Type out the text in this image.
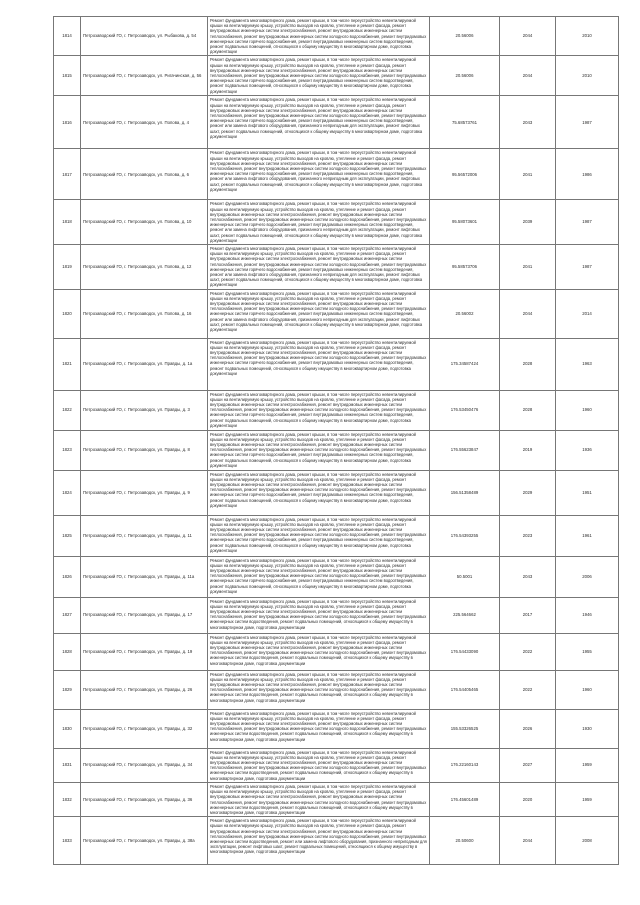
1814	Петрозаводский ГО, г. Петрозаводск, ул. Рыбакова, д. 54	Ремонт фундамента многоквартирного дома, ремонт крыши, в том числе переустройство невентилируемой крыши на вентилируемую крышу, устройство выходов на кровлю, утепление и ремонт фасада, ремонт внутридомовых инженерных систем электроснабжения, ремонт внутридомовых инженерных систем теплоснабжения, ремонт внутридомовых инженерных систем холодного водоснабжения, ремонт внутридомовых инженерных систем горячего водоснабжения, ремонт внутридомовых инженерных систем водоотведения, ремонт подвальных помещений, относящихся к общему имуществу в многоквартирном доме, подготовка документации	20.56006	2044	2010
1815	Петрозаводский ГО, г. Петрозаводск, ул. Ригачинская, д. 56	Ремонт фундамента многоквартирного дома, ремонт крыши, в том числе переустройство невентилируемой крыши на вентилируемую крышу, устройство выходов на кровлю, утепление и ремонт фасада, ремонт внутридомовых инженерных систем электроснабжения, ремонт внутридомовых инженерных систем теплоснабжения, ремонт внутридомовых инженерных систем холодного водоснабжения, ремонт внутридомовых инженерных систем горячего водоснабжения, ремонт внутридомовых инженерных систем водоотведения, ремонт подвальных помещений, относящихся к общему имуществу в многоквартирном доме, подготовка документации	20.56006	2044	2010
1816	Петрозаводский ГО, г. Петрозаводск, ул. Попова, д. 4	Ремонт фундамента многоквартирного дома, ремонт крыши, в том числе переустройство невентилируемой крыши на вентилируемую крышу, устройство выходов на кровлю, утепление и ремонт фасада, ремонт внутридомовых инженерных систем электроснабжения, ремонт внутридомовых инженерных систем теплоснабжения, ремонт внутридомовых инженерных систем холодного водоснабжения, ремонт внутридомовых инженерных систем горячего водоснабжения, ремонт внутридомовых инженерных систем водоотведения, ремонт или замена лифтового оборудования, признанного непригодным для эксплуатации, ремонт лифтовых шахт, ремонт подвальных помещений, относящихся к общему имуществу в многоквартирном доме, подготовка документации	75.68573761	2043	1987
1817	Петрозаводский ГО, г. Петрозаводск, ул. Попова, д. 6	Ремонт фундамента многоквартирного дома, ремонт крыши, в том числе переустройство невентилируемой крыши на вентилируемую крышу, устройство выходов на кровлю, утепление и ремонт фасада, ремонт внутридомовых инженерных систем электроснабжения, ремонт внутридомовых инженерных систем теплоснабжения, ремонт внутридомовых инженерных систем холодного водоснабжения, ремонт внутридомовых инженерных систем горячего водоснабжения, ремонт внутридомовых инженерных систем водоотведения, ремонт или замена лифтового оборудования, признанного непригодным для эксплуатации, ремонт лифтовых шахт, ремонт подвальных помещений, относящихся к общему имуществу в многоквартирном доме, подготовка документации	95.56572006	2041	1986
1818	Петрозаводский ГО, г. Петрозаводск, ул. Попова, д. 10	Ремонт фундамента многоквартирного дома, ремонт крыши, в том числе переустройство невентилируемой крыши на вентилируемую крышу, устройство выходов на кровлю, утепление и ремонт фасада, ремонт внутридомовых инженерных систем электроснабжения, ремонт внутридомовых инженерных систем теплоснабжения, ремонт внутридомовых инженерных систем холодного водоснабжения, ремонт внутридомовых инженерных систем горячего водоснабжения, ремонт внутридомовых инженерных систем водоотведения, ремонт или замена лифтового оборудования, признанного непригодным для эксплуатации, ремонт лифтовых шахт, ремонт подвальных помещений, относящихся к общему имуществу в многоквартирном доме, подготовка документации	95.58073601	2039	1987
1819	Петрозаводский ГО, г. Петрозаводск, ул. Попова, д. 12	Ремонт фундамента многоквартирного дома, ремонт крыши, в том числе переустройство невентилируемой крыши на вентилируемую крышу, устройство выходов на кровлю, утепление и ремонт фасада, ремонт внутридомовых инженерных систем электроснабжения, ремонт внутридомовых инженерных систем теплоснабжения, ремонт внутридомовых инженерных систем холодного водоснабжения, ремонт внутридомовых инженерных систем горячего водоснабжения, ремонт внутридомовых инженерных систем водоотведения, ремонт или замена лифтового оборудования, признанного непригодным для эксплуатации, ремонт лифтовых шахт, ремонт подвальных помещений, относящихся к общему имуществу в многоквартирном доме, подготовка документации	95.58573706	2041	1987
1820	Петрозаводский ГО, г. Петрозаводск, ул. Попова, д. 16	Ремонт фундамента многоквартирного дома, ремонт крыши, в том числе переустройство невентилируемой крыши на вентилируемую крышу, устройство выходов на кровлю, утепление и ремонт фасада, ремонт внутридомовых инженерных систем электроснабжения, ремонт внутридомовых инженерных систем теплоснабжения, ремонт внутридомовых инженерных систем холодного водоснабжения, ремонт внутридомовых инженерных систем горячего водоснабжения, ремонт внутридомовых инженерных систем водоотведения, ремонт или замена лифтового оборудования, признанного непригодным для эксплуатации, ремонт лифтовых шахт, ремонт подвальных помещений, относящихся к общему имуществу в многоквартирном доме, подготовка документации	20.56002	2044	2014
1821	Петрозаводский ГО, г. Петрозаводск, ул. Правды, д. 1а	Ремонт фундамента многоквартирного дома, ремонт крыши, в том числе переустройство невентилируемой крыши на вентилируемую крышу, устройство выходов на кровлю, утепление и ремонт фасада, ремонт внутридомовых инженерных систем электроснабжения, ремонт внутридомовых инженерных систем теплоснабжения, ремонт внутридомовых инженерных систем холодного водоснабжения, ремонт внутридомовых инженерных систем горячего водоснабжения, ремонт внутридомовых инженерных систем водоотведения, ремонт подвальных помещений, относящихся к общему имуществу в многоквартирном доме, подготовка документации	175.34587424	2028	1963
1822	Петрозаводский ГО, г. Петрозаводск, ул. Правды, д. 3	Ремонт фундамента многоквартирного дома, ремонт крыши, в том числе переустройство невентилируемой крыши на вентилируемую крышу, устройство выходов на кровлю, утепление и ремонт фасада, ремонт внутридомовых инженерных систем электроснабжения, ремонт внутридомовых инженерных систем теплоснабжения, ремонт внутридомовых инженерных систем холодного водоснабжения, ремонт внутридомовых инженерных систем горячего водоснабжения, ремонт внутридомовых инженерных систем водоотведения, ремонт подвальных помещений, относящихся к общему имуществу в многоквартирном доме, подготовка документации	176.53450476	2028	1960
1823	Петрозаводский ГО, г. Петрозаводск, ул. Правды, д. 8	Ремонт фундамента многоквартирного дома, ремонт крыши, в том числе переустройство невентилируемой крыши на вентилируемую крышу, устройство выходов на кровлю, утепление и ремонт фасада, ремонт внутридомовых инженерных систем электроснабжения, ремонт внутридомовых инженерных систем теплоснабжения, ремонт внутридомовых инженерных систем холодного водоснабжения, ремонт внутридомовых инженерных систем горячего водоснабжения, ремонт внутридомовых инженерных систем водоотведения, ремонт подвальных помещений, относящихся к общему имуществу в многоквартирном доме, подготовка документации	176.55623847	2019	1936
1824	Петрозаводский ГО, г. Петрозаводск, ул. Правды, д. 9	Ремонт фундамента многоквартирного дома, ремонт крыши, в том числе переустройство невентилируемой крыши на вентилируемую крышу, устройство выходов на кровлю, утепление и ремонт фасада, ремонт внутридомовых инженерных систем электроснабжения, ремонт внутридомовых инженерных систем теплоснабжения, ремонт внутридомовых инженерных систем холодного водоснабжения, ремонт внутридомовых инженерных систем горячего водоснабжения, ремонт внутридомовых инженерных систем водоотведения, ремонт подвальных помещений, относящихся к общему имуществу в многоквартирном доме, подготовка документации	156.51358489	2029	1951
1825	Петрозаводский ГО, г. Петрозаводск, ул. Правды, д. 11	Ремонт фундамента многоквартирного дома, ремонт крыши, в том числе переустройство невентилируемой крыши на вентилируемую крышу, устройство выходов на кровлю, утепление и ремонт фасада, ремонт внутридомовых инженерных систем электроснабжения, ремонт внутридомовых инженерных систем теплоснабжения, ремонт внутридомовых инженерных систем холодного водоснабжения, ремонт внутридомовых инженерных систем горячего водоснабжения, ремонт внутридомовых инженерных систем водоотведения, ремонт подвальных помещений, относящихся к общему имуществу в многоквартирном доме, подготовка документации	176.54393255	2023	1961
1826	Петрозаводский ГО, г. Петрозаводск, ул. Правды, д. 11а	Ремонт фундамента многоквартирного дома, ремонт крыши, в том числе переустройство невентилируемой крыши на вентилируемую крышу, устройство выходов на кровлю, утепление и ремонт фасада, ремонт внутридомовых инженерных систем электроснабжения, ремонт внутридомовых инженерных систем теплоснабжения, ремонт внутридомовых инженерных систем холодного водоснабжения, ремонт внутридомовых инженерных систем горячего водоснабжения, ремонт внутридомовых инженерных систем водоотведения, ремонт подвальных помещений, относящихся к общему имуществу в многоквартирном доме, подготовка документации	50.5001	2043	2006
1827	Петрозаводский ГО, г. Петрозаводск, ул. Правды, д. 17	Ремонт фундамента многоквартирного дома, ремонт крыши, в том числе переустройство невентилируемой крыши на вентилируемую крышу, устройство выходов на кровлю, утепление и ремонт фасада, ремонт внутридомовых инженерных систем электроснабжения, ремонт внутридомовых инженерных систем теплоснабжения, ремонт внутридомовых инженерных систем холодного водоснабжения, ремонт внутридомовых инженерных систем водоотведения, ремонт подвальных помещений, относящихся к общему имуществу в многоквартирном доме, подготовка документации	225.564662	2017	1946
1828	Петрозаводский ГО, г. Петрозаводск, ул. Правды, д. 19	Ремонт фундамента многоквартирного дома, ремонт крыши, в том числе переустройство невентилируемой крыши на вентилируемую крышу, устройство выходов на кровлю, утепление и ремонт фасада, ремонт внутридомовых инженерных систем электроснабжения, ремонт внутридомовых инженерных систем теплоснабжения, ремонт внутридомовых инженерных систем холодного водоснабжения, ремонт внутридомовых инженерных систем водоотведения, ремонт подвальных помещений, относящихся к общему имуществу в многоквартирном доме, подготовка документации	176.54433090	2022	1955
1829	Петрозаводский ГО, г. Петрозаводск, ул. Правды, д. 26	Ремонт фундамента многоквартирного дома, ремонт крыши, в том числе переустройство невентилируемой крыши на вентилируемую крышу, устройство выходов на кровлю, утепление и ремонт фасада, ремонт внутридомовых инженерных систем электроснабжения, ремонт внутридомовых инженерных систем теплоснабжения, ремонт внутридомовых инженерных систем холодного водоснабжения, ремонт внутридомовых инженерных систем водоотведения, ремонт подвальных помещений, относящихся к общему имуществу в многоквартирном доме, подготовка документации	176.54405465	2022	1960
1830	Петрозаводский ГО, г. Петрозаводск, ул. Правды, д. 32	Ремонт фундамента многоквартирного дома, ремонт крыши, в том числе переустройство невентилируемой крыши на вентилируемую крышу, устройство выходов на кровлю, утепление и ремонт фасада, ремонт внутридомовых инженерных систем электроснабжения, ремонт внутридомовых инженерных систем теплоснабжения, ремонт внутридомовых инженерных систем холодного водоснабжения, ремонт внутридомовых инженерных систем водоотведения, ремонт подвальных помещений, относящихся к общему имуществу в многоквартирном доме, подготовка документации	155.53326525	2026	1930
1831	Петрозаводский ГО, г. Петрозаводск, ул. Правды, д. 34	Ремонт фундамента многоквартирного дома, ремонт крыши, в том числе переустройство невентилируемой крыши на вентилируемую крышу, устройство выходов на кровлю, утепление и ремонт фасада, ремонт внутридомовых инженерных систем электроснабжения, ремонт внутридомовых инженерных систем теплоснабжения, ремонт внутридомовых инженерных систем холодного водоснабжения, ремонт внутридомовых инженерных систем водоотведения, ремонт подвальных помещений, относящихся к общему имуществу в многоквартирном доме, подготовка документации	176.22160143	2027	1959
1832	Петрозаводский ГО, г. Петрозаводск, ул. Правды, д. 36	Ремонт фундамента многоквартирного дома, ремонт крыши, в том числе переустройство невентилируемой крыши на вентилируемую крышу, устройство выходов на кровлю, утепление и ремонт фасада, ремонт внутридомовых инженерных систем электроснабжения, ремонт внутридомовых инженерных систем теплоснабжения, ремонт внутридомовых инженерных систем холодного водоснабжения, ремонт внутридомовых инженерных систем водоотведения, ремонт подвальных помещений, относящихся к общему имуществу в многоквартирном доме, подготовка документации	176.45601489	2020	1959
1833	Петрозаводский ГО, г. Петрозаводск, ул. Правды, д. 38а	Ремонт фундамента многоквартирного дома, ремонт крыши, в том числе переустройство невентилируемой крыши на вентилируемую крышу, устройство выходов на кровлю, утепление и ремонт фасада, ремонт внутридомовых инженерных систем электроснабжения, ремонт внутридомовых инженерных систем теплоснабжения, ремонт внутридомовых инженерных систем холодного водоснабжения, ремонт внутридомовых инженерных систем водоотведения, ремонт или замена лифтового оборудования, признанного непригодным для эксплуатации, ремонт лифтовых шахт, ремонт подвальных помещений, относящихся к общему имуществу в многоквартирном доме, подготовка документации	20.50600	2044	2008
